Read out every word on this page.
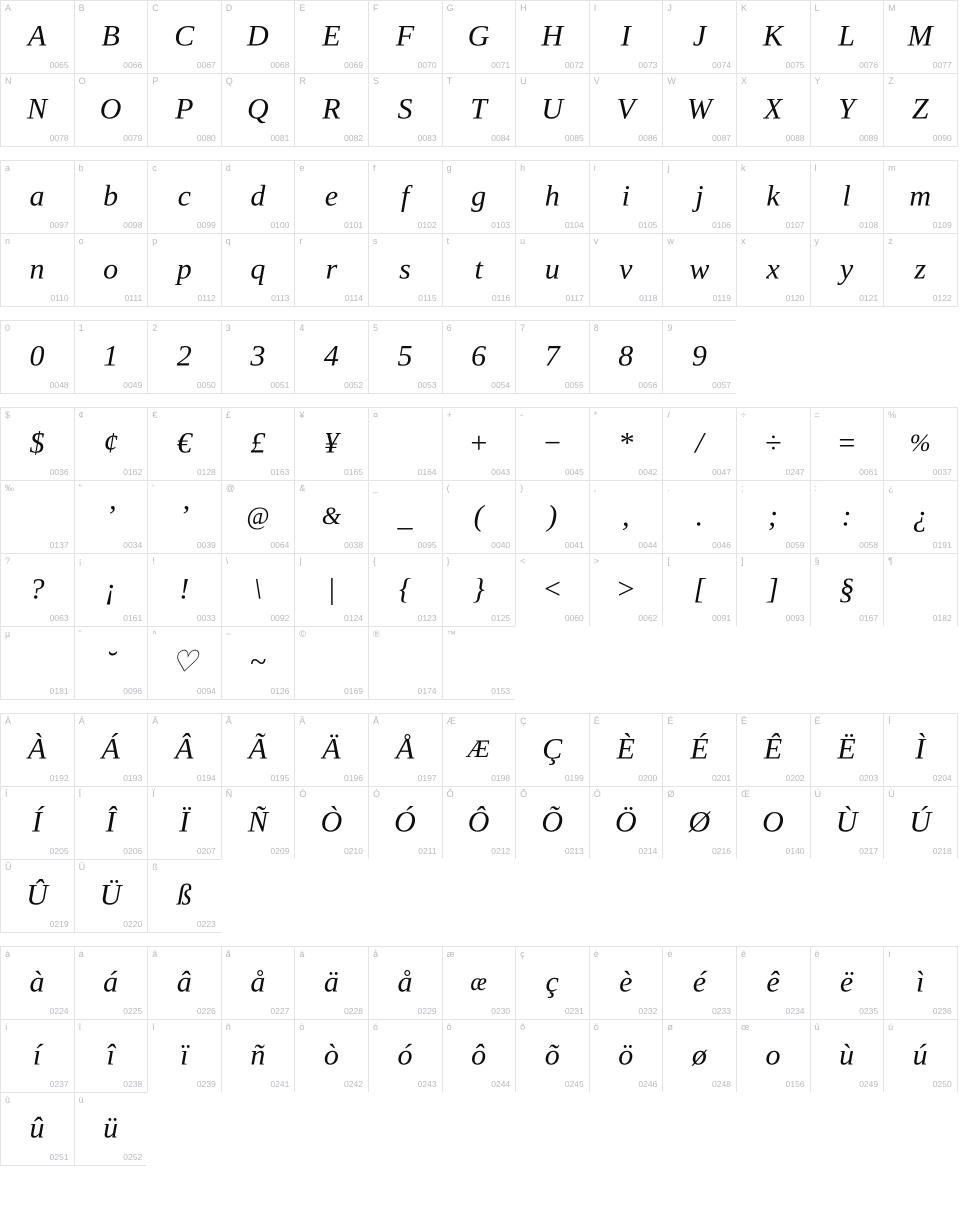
A
A
0065
B
B
0066
C
C
0067
D
D
0068
E
E
0069
F
F
0070
G
G
0071
H
H
0072
I
I
0073
J
J
0074
K
K
0075
L
L
0076
M
M
0077
N
N
0078
O
O
0079
P
P
0080
Q
Q
0081
R
R
0082
S
S
0083
T
T
0084
U
U
0085
V
V
0086
W
W
0087
X
X
0088
Y
Y
0089
Z
Z
0090
a
a
0097
b
b
0098
c
c
0099
d
d
0100
e
e
0101
f
f
0102
g
g
0103
h
h
0104
i
i
0105
j
j
0106
k
k
0107
l
l
0108
m
m
0109
n
n
0110
o
o
0111
p
p
0112
q
q
0113
r
r
0114
s
s
0115
t
t
0116
u
u
0117
v
v
0118
w
w
0119
x
x
0120
y
y
0121
z
z
0122
0
0
0048
1
1
0049
2
2
0050
3
3
0051
4
4
0052
5
5
0053
6
6
0054
7
7
0055
8
8
0056
9
9
0057
$
$
0036
¢
¢
0162
€
€
0128
£
£
0163
¥
¥
0165
¤
0164
+
+
0043
-
−
0045
*
*
0042
/
/
0047
÷
÷
0247
=
=
0061
%
%
0037
‰
0137
"
’
0034
'
’
0039
@
@
0064
&
&
0038
_
_
0095
(
(
0040
)
)
0041
,
,
0044
.
.
0046
;
;
0059
:
:
0058
¿
¿
0191
?
?
0063
¡
¡
0161
!
!
0033
\
\
0092
|
|
0124
{
{
0123
}
}
0125
<
<
0060
>
>
0062
[
[
0091
]
]
0093
§
§
0167
¶
0182
µ
0181
˘
˘
0096
^
♡
0094
~
~
0126
©
0169
®
0174
™
0153
À
À
0192
Á
Á
0193
Â
Â
0194
Ã
Ã
0195
Ä
Ä
0196
Å
Å
0197
Æ
Æ
0198
Ç
Ç
0199
È
È
0200
É
É
0201
Ê
Ê
0202
Ë
Ë
0203
Ì
Ì
0204
Í
Í
0205
Î
Î
0206
Ï
Ï
0207
Ñ
Ñ
0209
Ò
Ò
0210
Ó
Ó
0211
Ô
Ô
0212
Õ
Õ
0213
Ö
Ö
0214
Ø
Ø
0216
Œ
O
0140
Ù
Ù
0217
Ú
Ú
0218
Û
Û
0219
Ü
Ü
0220
ß
ß
0223
à
à
0224
á
á
0225
â
â
0226
ã
å
0227
ä
ä
0228
å
å
0229
æ
æ
0230
ç
ç
0231
è
è
0232
é
é
0233
ê
ê
0234
ë
ë
0235
ì
ì
0236
í
í
0237
î
î
0238
ï
ï
0239
ñ
ñ
0241
ò
ò
0242
ó
ó
0243
ô
ô
0244
õ
õ
0245
ö
ö
0246
ø
ø
0248
œ
o
0156
ù
ù
0249
ú
ú
0250
û
û
0251
ü
ü
0252
